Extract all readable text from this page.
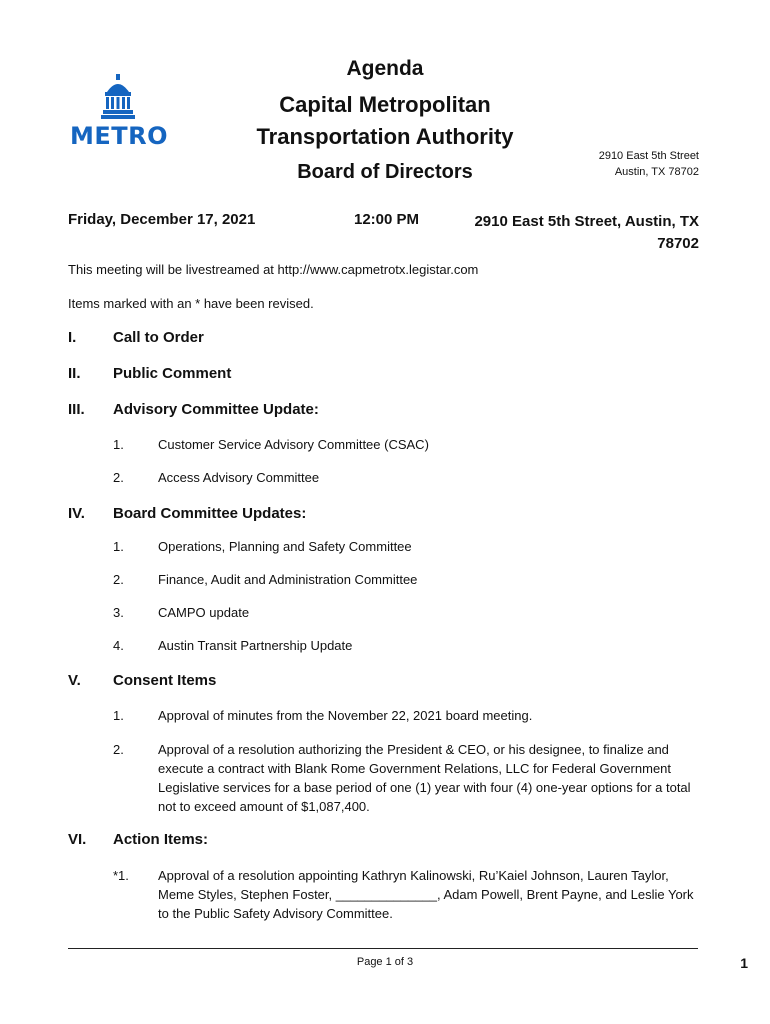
METRO
Agenda
Capital Metropolitan
Transportation Authority
Board of Directors
2910 East 5th Street
Austin, TX 78702
Friday, December 17, 2021	12:00 PM	2910 East 5th Street, Austin, TX
78702
This meeting will be livestreamed at http://www.capmetrotx.legistar.com
Items marked with an * have been revised.
I. Call to Order
II. Public Comment
III. Advisory Committee Update:
1.	Customer Service Advisory Committee (CSAC)
2.	Access Advisory Committee
IV. Board Committee Updates:
1.	Operations, Planning and Safety Committee
2.	Finance, Audit and Administration Committee
3.	CAMPO update
4.	Austin Transit Partnership Update
V. Consent Items
1.	Approval of minutes from the November 22, 2021 board meeting.
2.	Approval of a resolution authorizing the President & CEO, or his designee, to finalize and execute a contract with Blank Rome Government Relations, LLC for Federal Government Legislative services for a base period of one (1) year with four (4) one-year options for a total not to exceed amount of $1,087,400.
VI. Action Items:
*1. Approval of a resolution appointing Kathryn Kalinowski, Ru’Kaiel Johnson, Lauren Taylor, Meme Styles, Stephen Foster, ______________, Adam Powell, Brent Payne, and Leslie York to the Public Safety Advisory Committee.
Page 1 of 3	1
